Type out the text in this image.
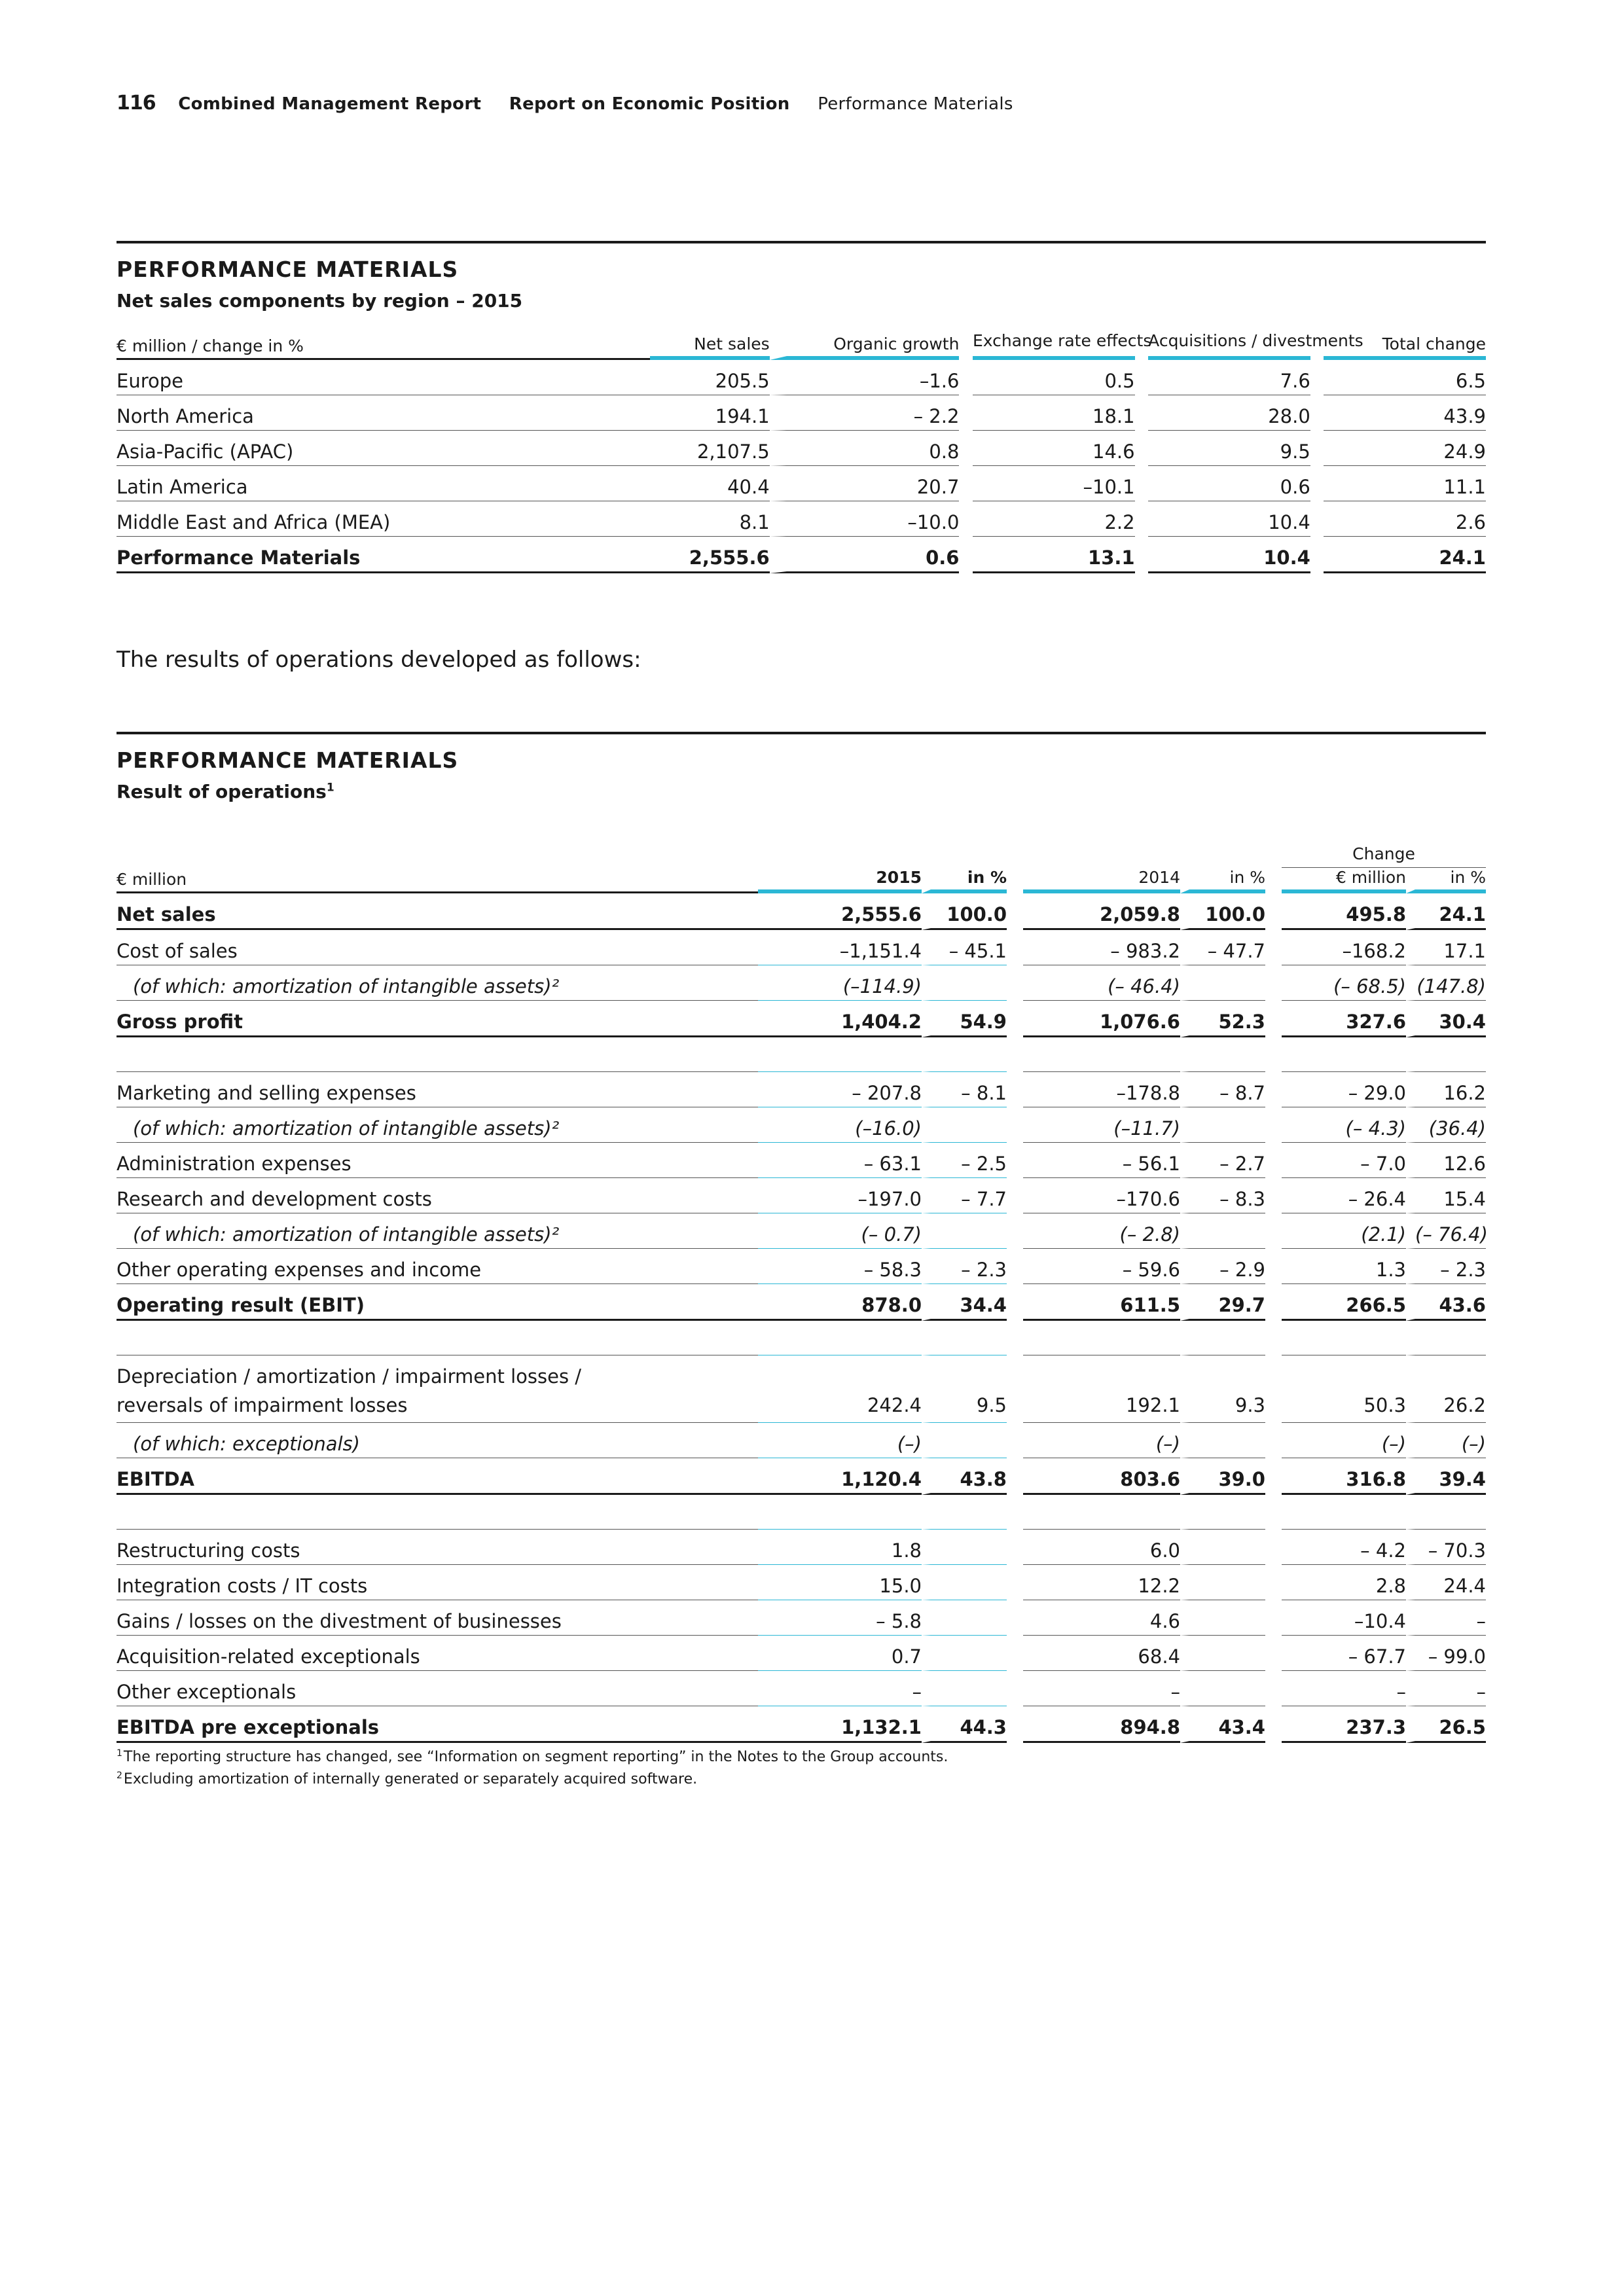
116 Combined Management Report Report on Economic Position Performance Materials
PERFORMANCE MATERIALS
Net sales components by region – 2015
€ million / change in %	Net sales	Organic growth		Exchange rate effects		Acquisitions / divestments		Total change
Europe	205.5	–1.6		0.5		7.6		6.5
North America	194.1	– 2.2		18.1		28.0		43.9
Asia-Pacific (APAC)	2,107.5	0.8		14.6		9.5		24.9
Latin America	40.4	20.7		–10.1		0.6		11.1
Middle East and Africa (MEA)	8.1	–10.0		2.2		10.4		2.6
Performance Materials	2,555.6	0.6		13.1		10.4		24.1
The results of operations developed as follows:
PERFORMANCE MATERIALS
Result of operations$^1$
							Change	
€ million	2015	in %		2014	in %		€ million	in %
Net sales	2,555.6	100.0		2,059.8	100.0		495.8	24.1
Cost of sales	–1,151.4	– 45.1		– 983.2	– 47.7		–168.2	17.1
(of which: amortization of intangible assets)²	(–114.9)			(– 46.4)			(– 68.5)	(147.8)
Gross profit	1,404.2	54.9		1,076.6	52.3		327.6	30.4

Marketing and selling expenses	– 207.8	– 8.1		–178.8	– 8.7		– 29.0	16.2
(of which: amortization of intangible assets)²	(–16.0)			(–11.7)			(– 4.3)	(36.4)
Administration expenses	– 63.1	– 2.5		– 56.1	– 2.7		– 7.0	12.6
Research and development costs	–197.0	– 7.7		–170.6	– 8.3		– 26.4	15.4
(of which: amortization of intangible assets)²	(– 0.7)			(– 2.8)			(2.1)	(– 76.4)
Other operating expenses and income	– 58.3	– 2.3		– 59.6	– 2.9		1.3	– 2.3
Operating result (EBIT)	878.0	34.4		611.5	29.7		266.5	43.6

Depreciation / amortization / impairment losses /
reversals of impairment losses	242.4	9.5		192.1	9.3		50.3	26.2
(of which: exceptionals)	(–)			(–)			(–)	(–)
EBITDA	1,120.4	43.8		803.6	39.0		316.8	39.4

Restructuring costs	1.8			6.0			– 4.2	– 70.3
Integration costs / IT costs	15.0			12.2			2.8	24.4
Gains / losses on the divestment of businesses	– 5.8			4.6			–10.4	–
Acquisition-related exceptionals	0.7			68.4			– 67.7	– 99.0
Other exceptionals	–			–			–	–
EBITDA pre exceptionals	1,132.1	44.3		894.8	43.4		237.3	26.5
$^1$The reporting structure has changed, see “Information on segment reporting” in the Notes to the Group accounts.
$^2$Excluding amortization of internally generated or separately acquired software.
